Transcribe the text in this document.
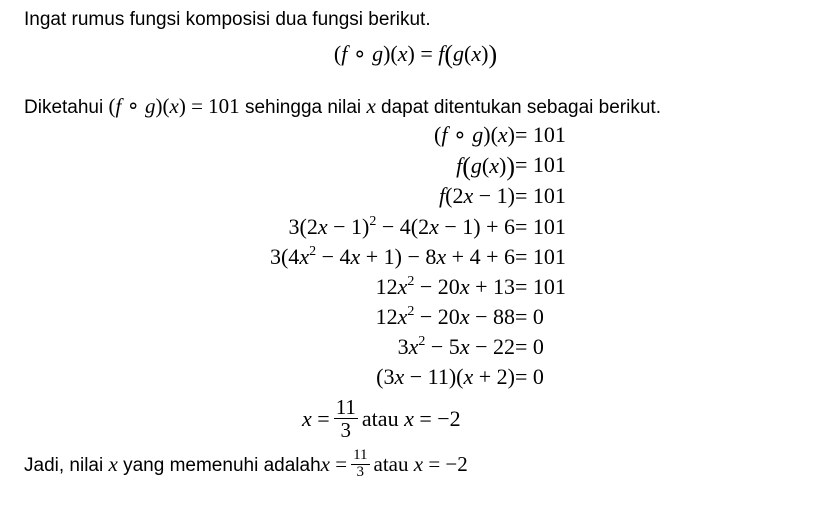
Ingat rumus fungsi komposisi dua fungsi berikut.
(f ∘ g)(x) = f(g(x))
Diketahui (f ∘ g)(x) = 101 sehingga nilai x dapat ditentukan sebagai berikut.
(f ∘ g)(x) = 101
f(g(x)) = 101
f(2x − 1) = 101
$3(2x - 1)^2 - 4(2x - 1) + 6 = 101$
$3(4x^2 - 4x + 1) - 8x + 4 + 6 = 101$
$12x^2 - 20x + 13 = 101$
$12x^2 - 20x - 88 = 0$
$3x^2 - 5x - 22 = 0$
(3x − 11)(x + 2) = 0
$x = \frac{11}{3}$ atau x = −2
Jadi, nilai x yang memenuhi adalah $x = \frac{11}{3}$ atau x = −2
